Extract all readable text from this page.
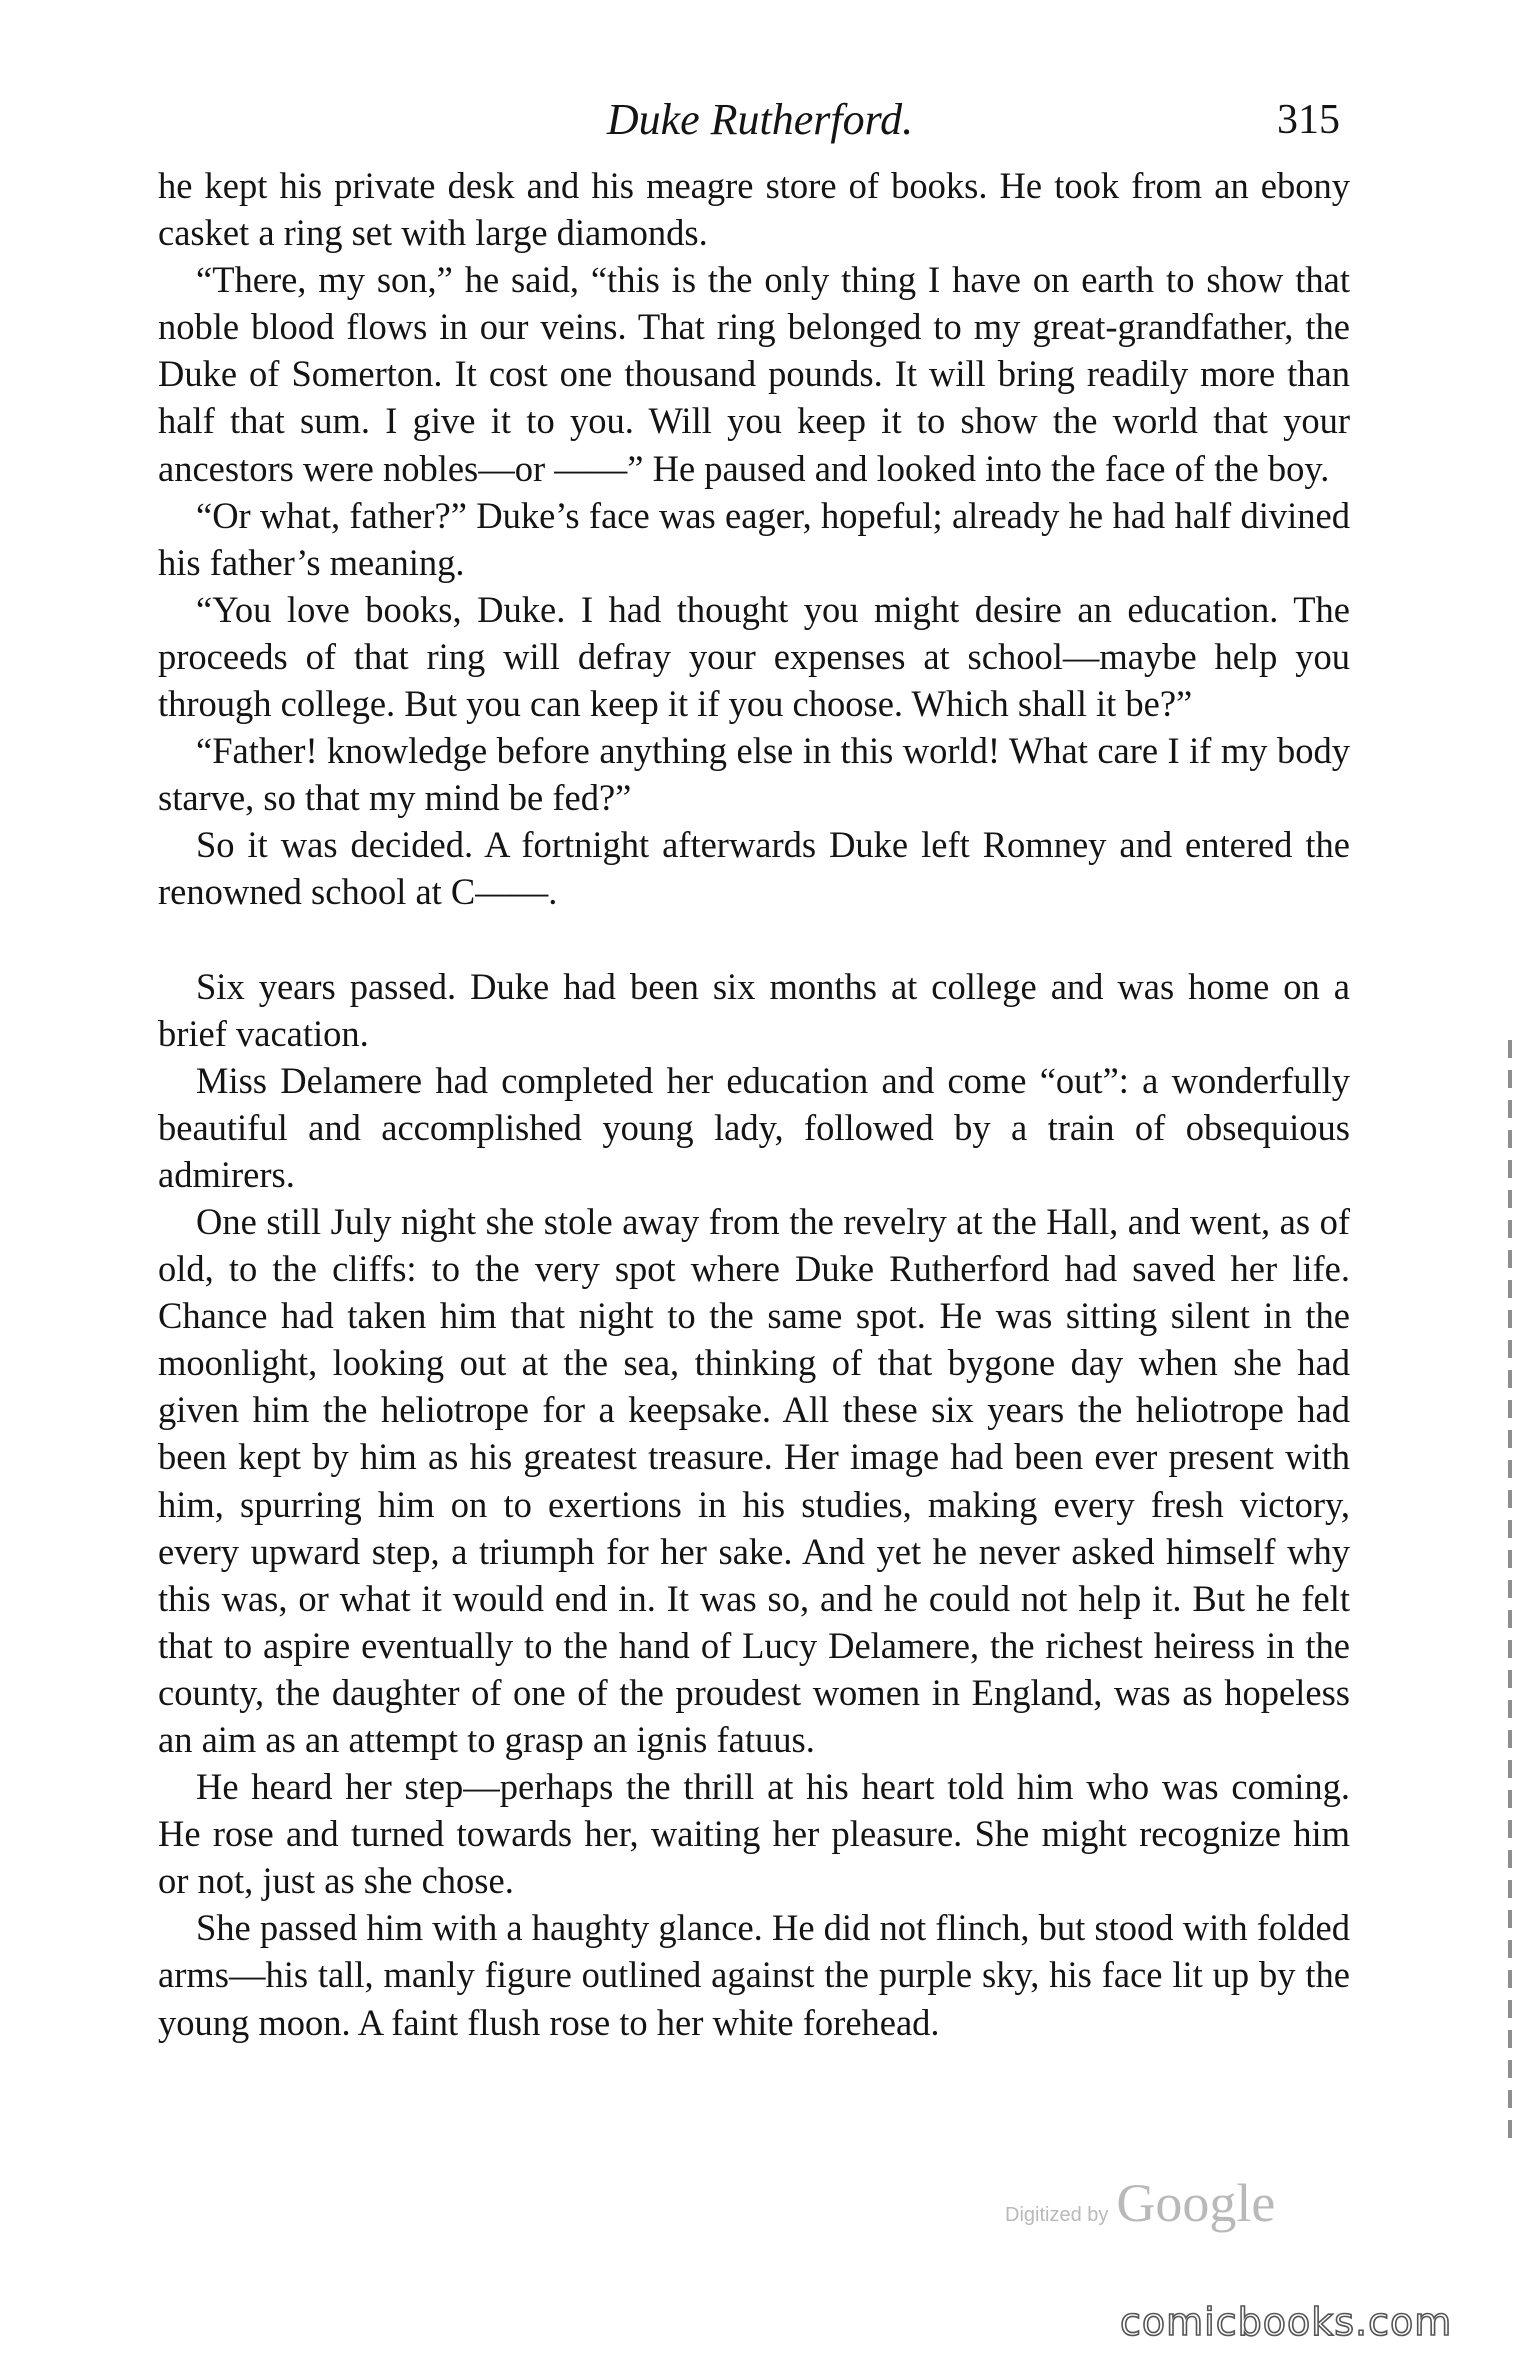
Duke Rutherford.	315

he kept his private desk and his meagre store of books. He took from an ebony casket a ring set with large diamonds.

“There, my son,” he said, “this is the only thing I have on earth to show that noble blood flows in our veins. That ring belonged to my great-grandfather, the Duke of Somerton. It cost one thousand pounds. It will bring readily more than half that sum. I give it to you. Will you keep it to show the world that your ancestors were nobles—or ——” He paused and looked into the face of the boy.

“Or what, father?” Duke’s face was eager, hopeful; already he had half divined his father’s meaning.

“You love books, Duke. I had thought you might desire an education. The proceeds of that ring will defray your expenses at school—maybe help you through college. But you can keep it if you choose. Which shall it be?”

“Father! knowledge before anything else in this world! What care I if my body starve, so that my mind be fed?”

So it was decided. A fortnight afterwards Duke left Romney and entered the renowned school at C——.

Six years passed. Duke had been six months at college and was home on a brief vacation.

Miss Delamere had completed her education and come “out”: a wonderfully beautiful and accomplished young lady, followed by a train of obsequious admirers.

One still July night she stole away from the revelry at the Hall, and went, as of old, to the cliffs: to the very spot where Duke Rutherford had saved her life. Chance had taken him that night to the same spot. He was sitting silent in the moonlight, looking out at the sea, thinking of that bygone day when she had given him the heliotrope for a keepsake. All these six years the heliotrope had been kept by him as his greatest treasure. Her image had been ever present with him, spurring him on to exertions in his studies, making every fresh victory, every upward step, a triumph for her sake. And yet he never asked himself why this was, or what it would end in. It was so, and he could not help it. But he felt that to aspire eventually to the hand of Lucy Delamere, the richest heiress in the county, the daughter of one of the proudest women in England, was as hopeless an aim as an attempt to grasp an ignis fatuus.

He heard her step—perhaps the thrill at his heart told him who was coming. He rose and turned towards her, waiting her pleasure. She might recognize him or not, just as she chose.

She passed him with a haughty glance. He did not flinch, but stood with folded arms—his tall, manly figure outlined against the purple sky, his face lit up by the young moon. A faint flush rose to her white forehead.

Digitized by Google
comicbooks.com
